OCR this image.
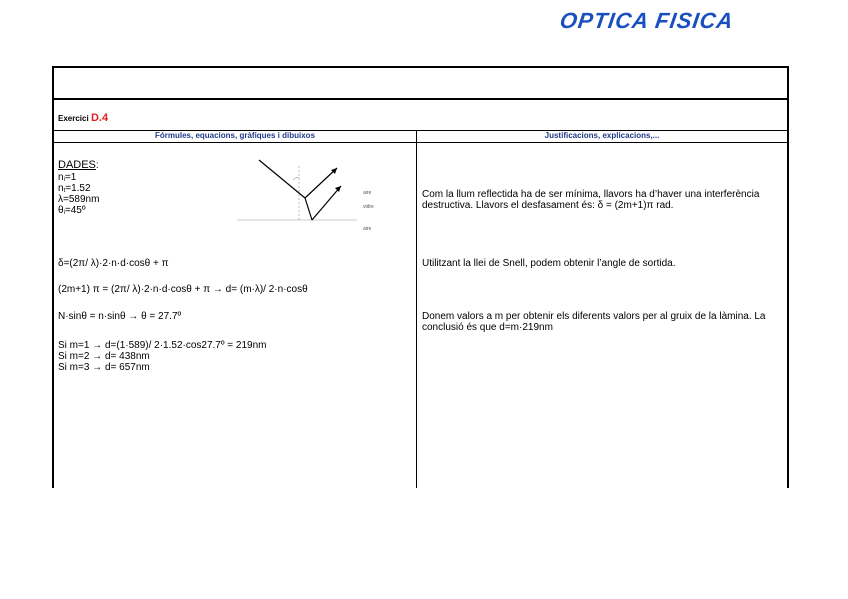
OPTICA FISICA
Exercici D.4
Fórmules, equacions, gràfiques i dibuixos	Justificacions, explicacions,...
DADES:
$n_i=1$
$n_t=1.52$
λ=589nm
$\theta_i=45º$
aire
vidre
aire
δ=(2π/ λ)·2·n·d·cosθ + π
(2m+1) π = (2π/ λ)·2·n·d·cosθ + π → d= (m·λ)/ 2·n·cosθ
N·sinθ = n·sinθ → θ = 27.7º
Si m=1 → d=(1·589)/ 2·1.52·cos27.7º = 219nm
Si m=2 → d= 438nm
Si m=3 → d= 657nm
Com la llum reflectida ha de ser mínima, llavors ha d’haver una interferència destructiva. Llavors el desfasament és: δ = (2m+1)π rad.
Utilitzant la llei de Snell, podem obtenir l’angle de sortida.
Donem valors a m per obtenir els diferents valors per al gruix de la làmina. La conclusió és que d=m·219nm
